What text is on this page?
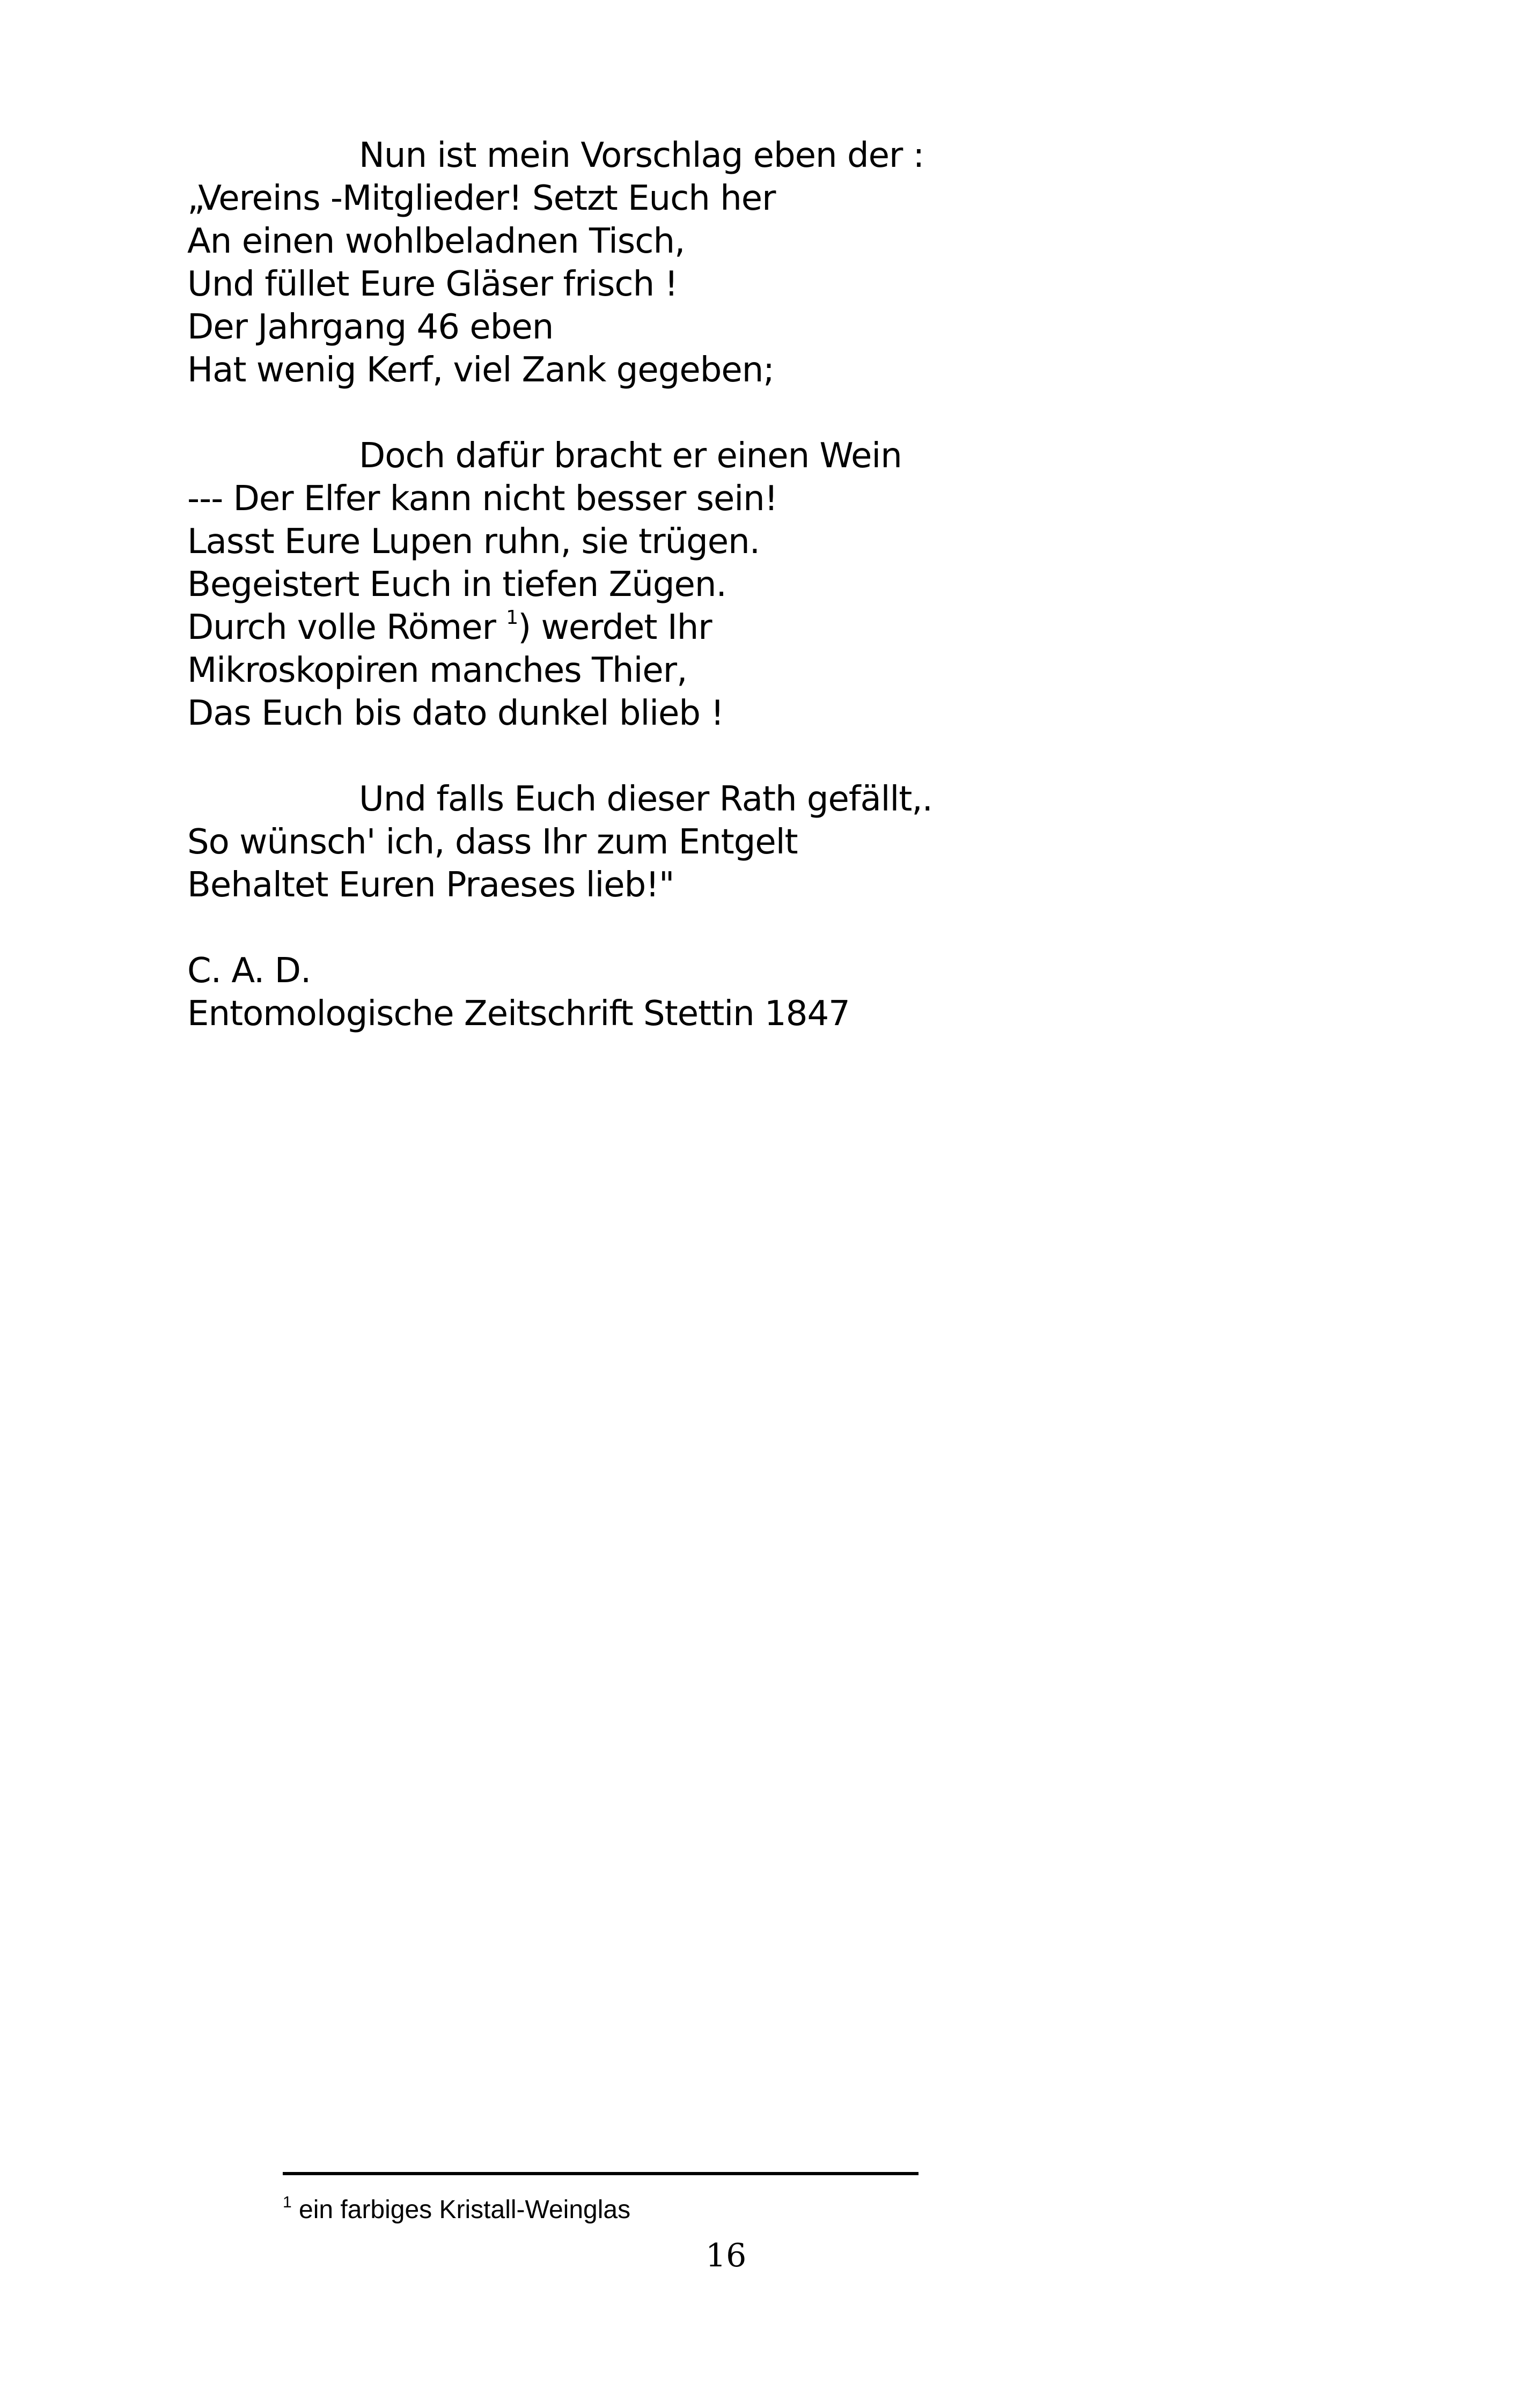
Nun ist mein Vorschlag eben der :
„Vereins -Mitglieder! Setzt Euch her
An einen wohlbeladnen Tisch,
Und füllet Eure Gläser frisch !
Der Jahrgang 46 eben
Hat wenig Kerf, viel Zank gegeben;
Doch dafür bracht er einen Wein
--- Der Elfer kann nicht besser sein!
Lasst Eure Lupen ruhn, sie trügen.
Begeistert Euch in tiefen Zügen.
Durch volle Römer $^1$) werdet Ihr
Mikroskopiren manches Thier,
Das Euch bis dato dunkel blieb !
Und falls Euch dieser Rath gefällt,.
So wünsch' ich, dass Ihr zum Entgelt
Behaltet Euren Praeses lieb!"
C. A. D.
Entomologische Zeitschrift Stettin 1847
$^1$ ein farbiges Kristall-Weinglas
16
